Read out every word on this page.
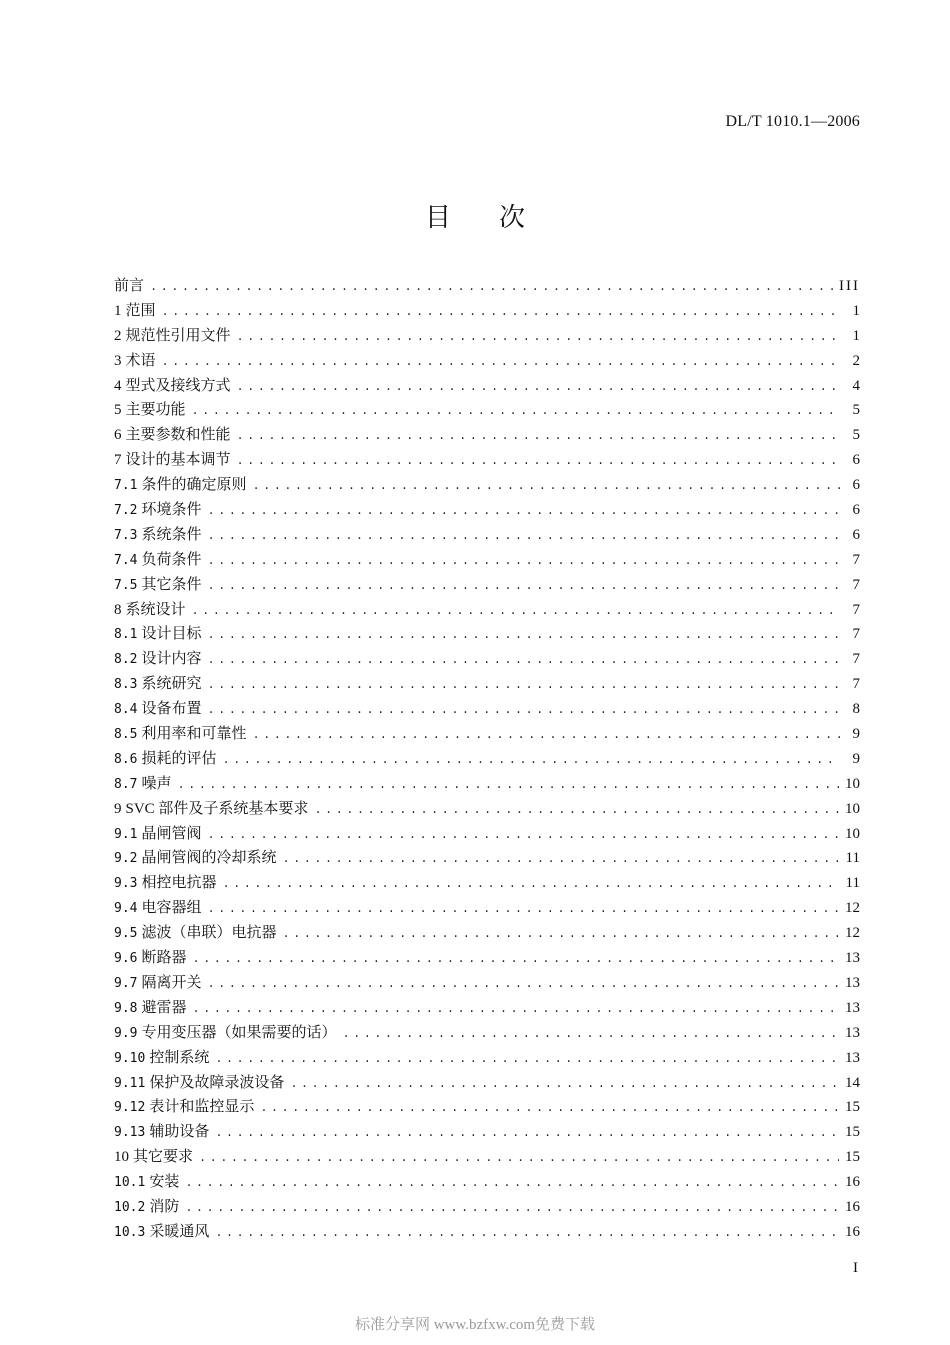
DL/T 1010.1—2006
目 次
前言 .....	III
1 范围 .....	1
2 规范性引用文件 .....	1
3 术语 .....	2
4 型式及接线方式 .....	4
5 主要功能 .....	5
6 主要参数和性能 .....	5
7 设计的基本调节 .....	6
7.1 条件的确定原则 .....	6
7.2 环境条件 .....	6
7.3 系统条件 .....	6
7.4 负荷条件 .....	7
7.5 其它条件 .....	7
8 系统设计 .....	7
8.1 设计目标 .....	7
8.2 设计内容 .....	7
8.3 系统研究 .....	7
8.4 设备布置 .....	8
8.5 利用率和可靠性 .....	9
8.6 损耗的评估 .....	9
8.7 噪声 .....	10
9 SVC 部件及子系统基本要求 .....	10
9.1 晶闸管阀 .....	10
9.2 晶闸管阀的冷却系统 .....	11
9.3 相控电抗器 .....	11
9.4 电容器组 .....	12
9.5 滤波（串联）电抗器 .....	12
9.6 断路器 .....	13
9.7 隔离开关 .....	13
9.8 避雷器 .....	13
9.9 专用变压器（如果需要的话） .....	13
9.10 控制系统 .....	13
9.11 保护及故障录波设备 .....	14
9.12 表计和监控显示 .....	15
9.13 辅助设备 .....	15
10 其它要求 .....	15
10.1 安装 .....	16
10.2 消防 .....	16
10.3 采暖通风 .....	16
I
标准分享网 www.bzfxw.com免费下载
